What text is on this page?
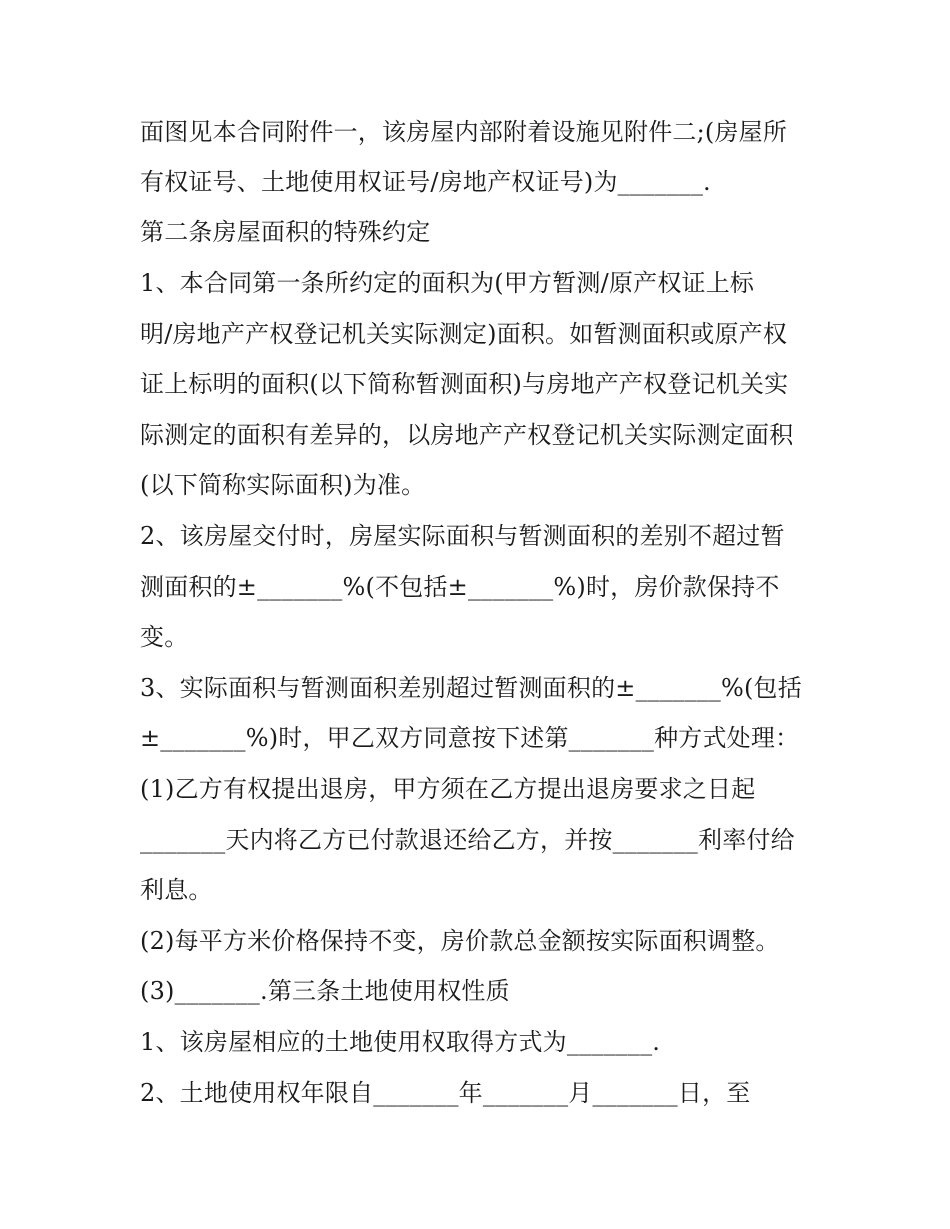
面图见本合同附件一，该房屋内部附着设施见附件二;(房屋所
有权证号、土地使用权证号/房地产权证号)为_______.
第二条房屋面积的特殊约定
1、本合同第一条所约定的面积为(甲方暂测/原产权证上标
明/房地产产权登记机关实际测定)面积。如暂测面积或原产权
证上标明的面积(以下简称暂测面积)与房地产产权登记机关实
际测定的面积有差异的，以房地产产权登记机关实际测定面积
(以下简称实际面积)为准。
2、该房屋交付时，房屋实际面积与暂测面积的差别不超过暂
测面积的±_______%(不包括±_______%)时，房价款保持不
变。
3、实际面积与暂测面积差别超过暂测面积的±_______%(包括
±_______%)时，甲乙双方同意按下述第_______种方式处理：
(1)乙方有权提出退房，甲方须在乙方提出退房要求之日起
_______天内将乙方已付款退还给乙方，并按_______利率付给
利息。
(2)每平方米价格保持不变，房价款总金额按实际面积调整。
(3)_______.第三条土地使用权性质
1、该房屋相应的土地使用权取得方式为_______.
2、土地使用权年限自_______年_______月_______日，至
